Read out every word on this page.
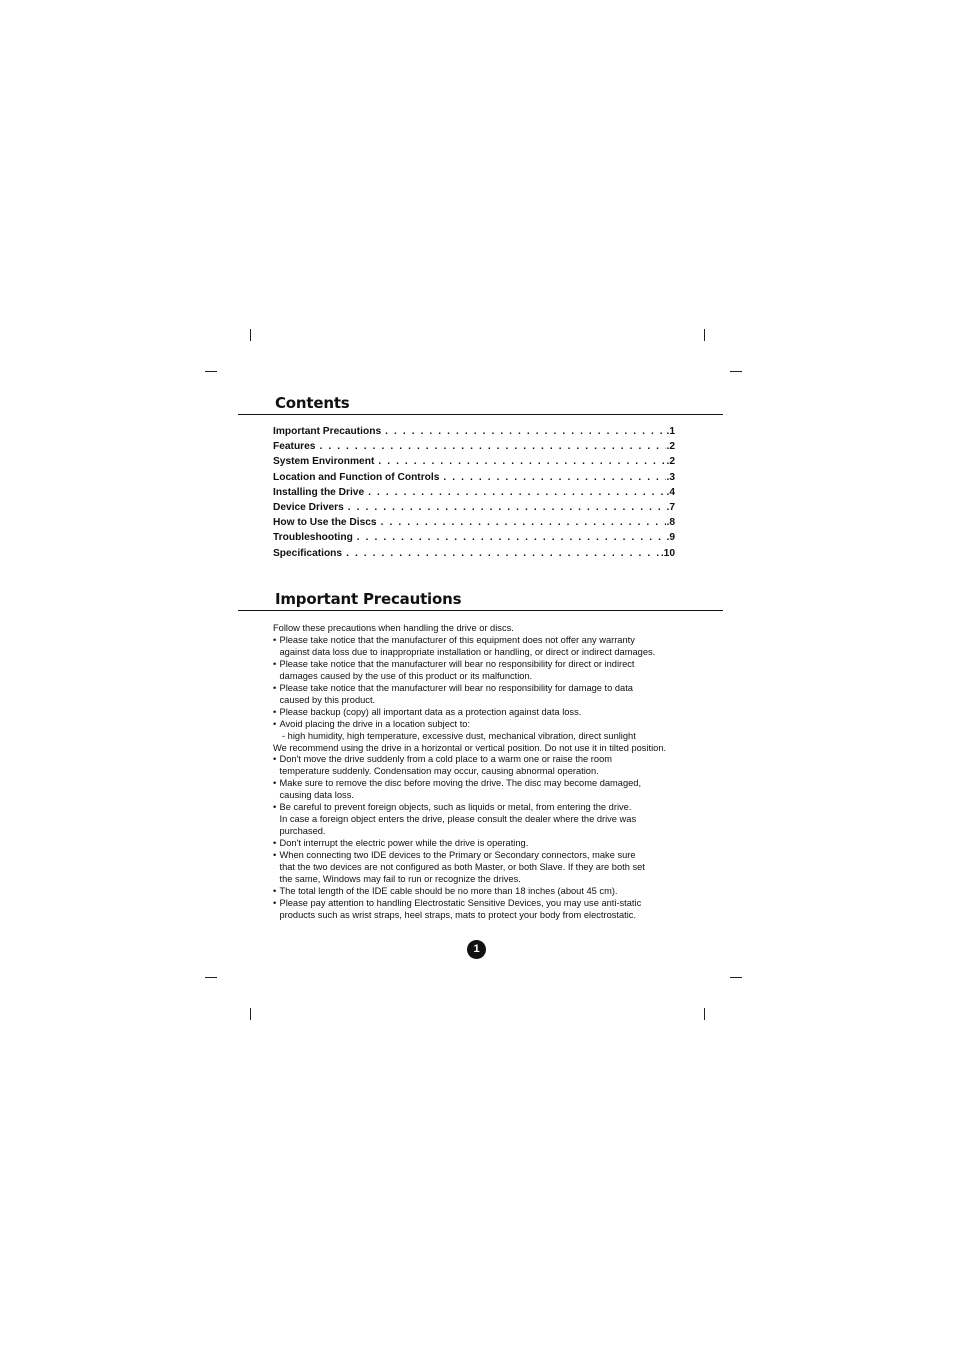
Contents
Important Precautions . . .	.1
Features . . .	.2
System Environment . . .	.2
Location and Function of Controls . . .	.3
Installing the Drive . . .	.4
Device Drivers . . .	.7
How to Use the Discs . . .	.8
Troubleshooting . . .	.9
Specifications . . .	.10
Important Precautions

Follow these precautions when handling the drive or discs.

• Please take notice that the manufacturer of this equipment does not offer any warranty

against data loss due to inappropriate installation or handling, or direct or indirect damages.

• Please take notice that the manufacturer will bear no responsibility for direct or indirect

damages caused by the use of this product or its malfunction.

• Please take notice that the manufacturer will bear no responsibility for damage to data

caused by this product.

• Please backup (copy) all important data as a protection against data loss.

• Avoid placing the drive in a location subject to:

- high humidity, high temperature, excessive dust, mechanical vibration, direct sunlight

We recommend using the drive in a horizontal or vertical position. Do not use it in tilted position.

• Don't move the drive suddenly from a cold place to a warm one or raise the room

temperature suddenly. Condensation may occur, causing abnormal operation.

• Make sure to remove the disc before moving the drive. The disc may become damaged,

causing data loss.

• Be careful to prevent foreign objects, such as liquids or metal, from entering the drive.

In case a foreign object enters the drive, please consult the dealer where the drive was

purchased.

• Don't interrupt the electric power while the drive is operating.

• When connecting two IDE devices to the Primary or Secondary connectors, make sure

that the two devices are not configured as both Master, or both Slave. If they are both set

the same, Windows may fail to run or recognize the drives.

• The total length of the IDE cable should be no more than 18 inches (about 45 cm).

• Please pay attention to handling Electrostatic Sensitive Devices, you may use anti-static

products such as wrist straps, heel straps, mats to protect your body from electrostatic.

1
